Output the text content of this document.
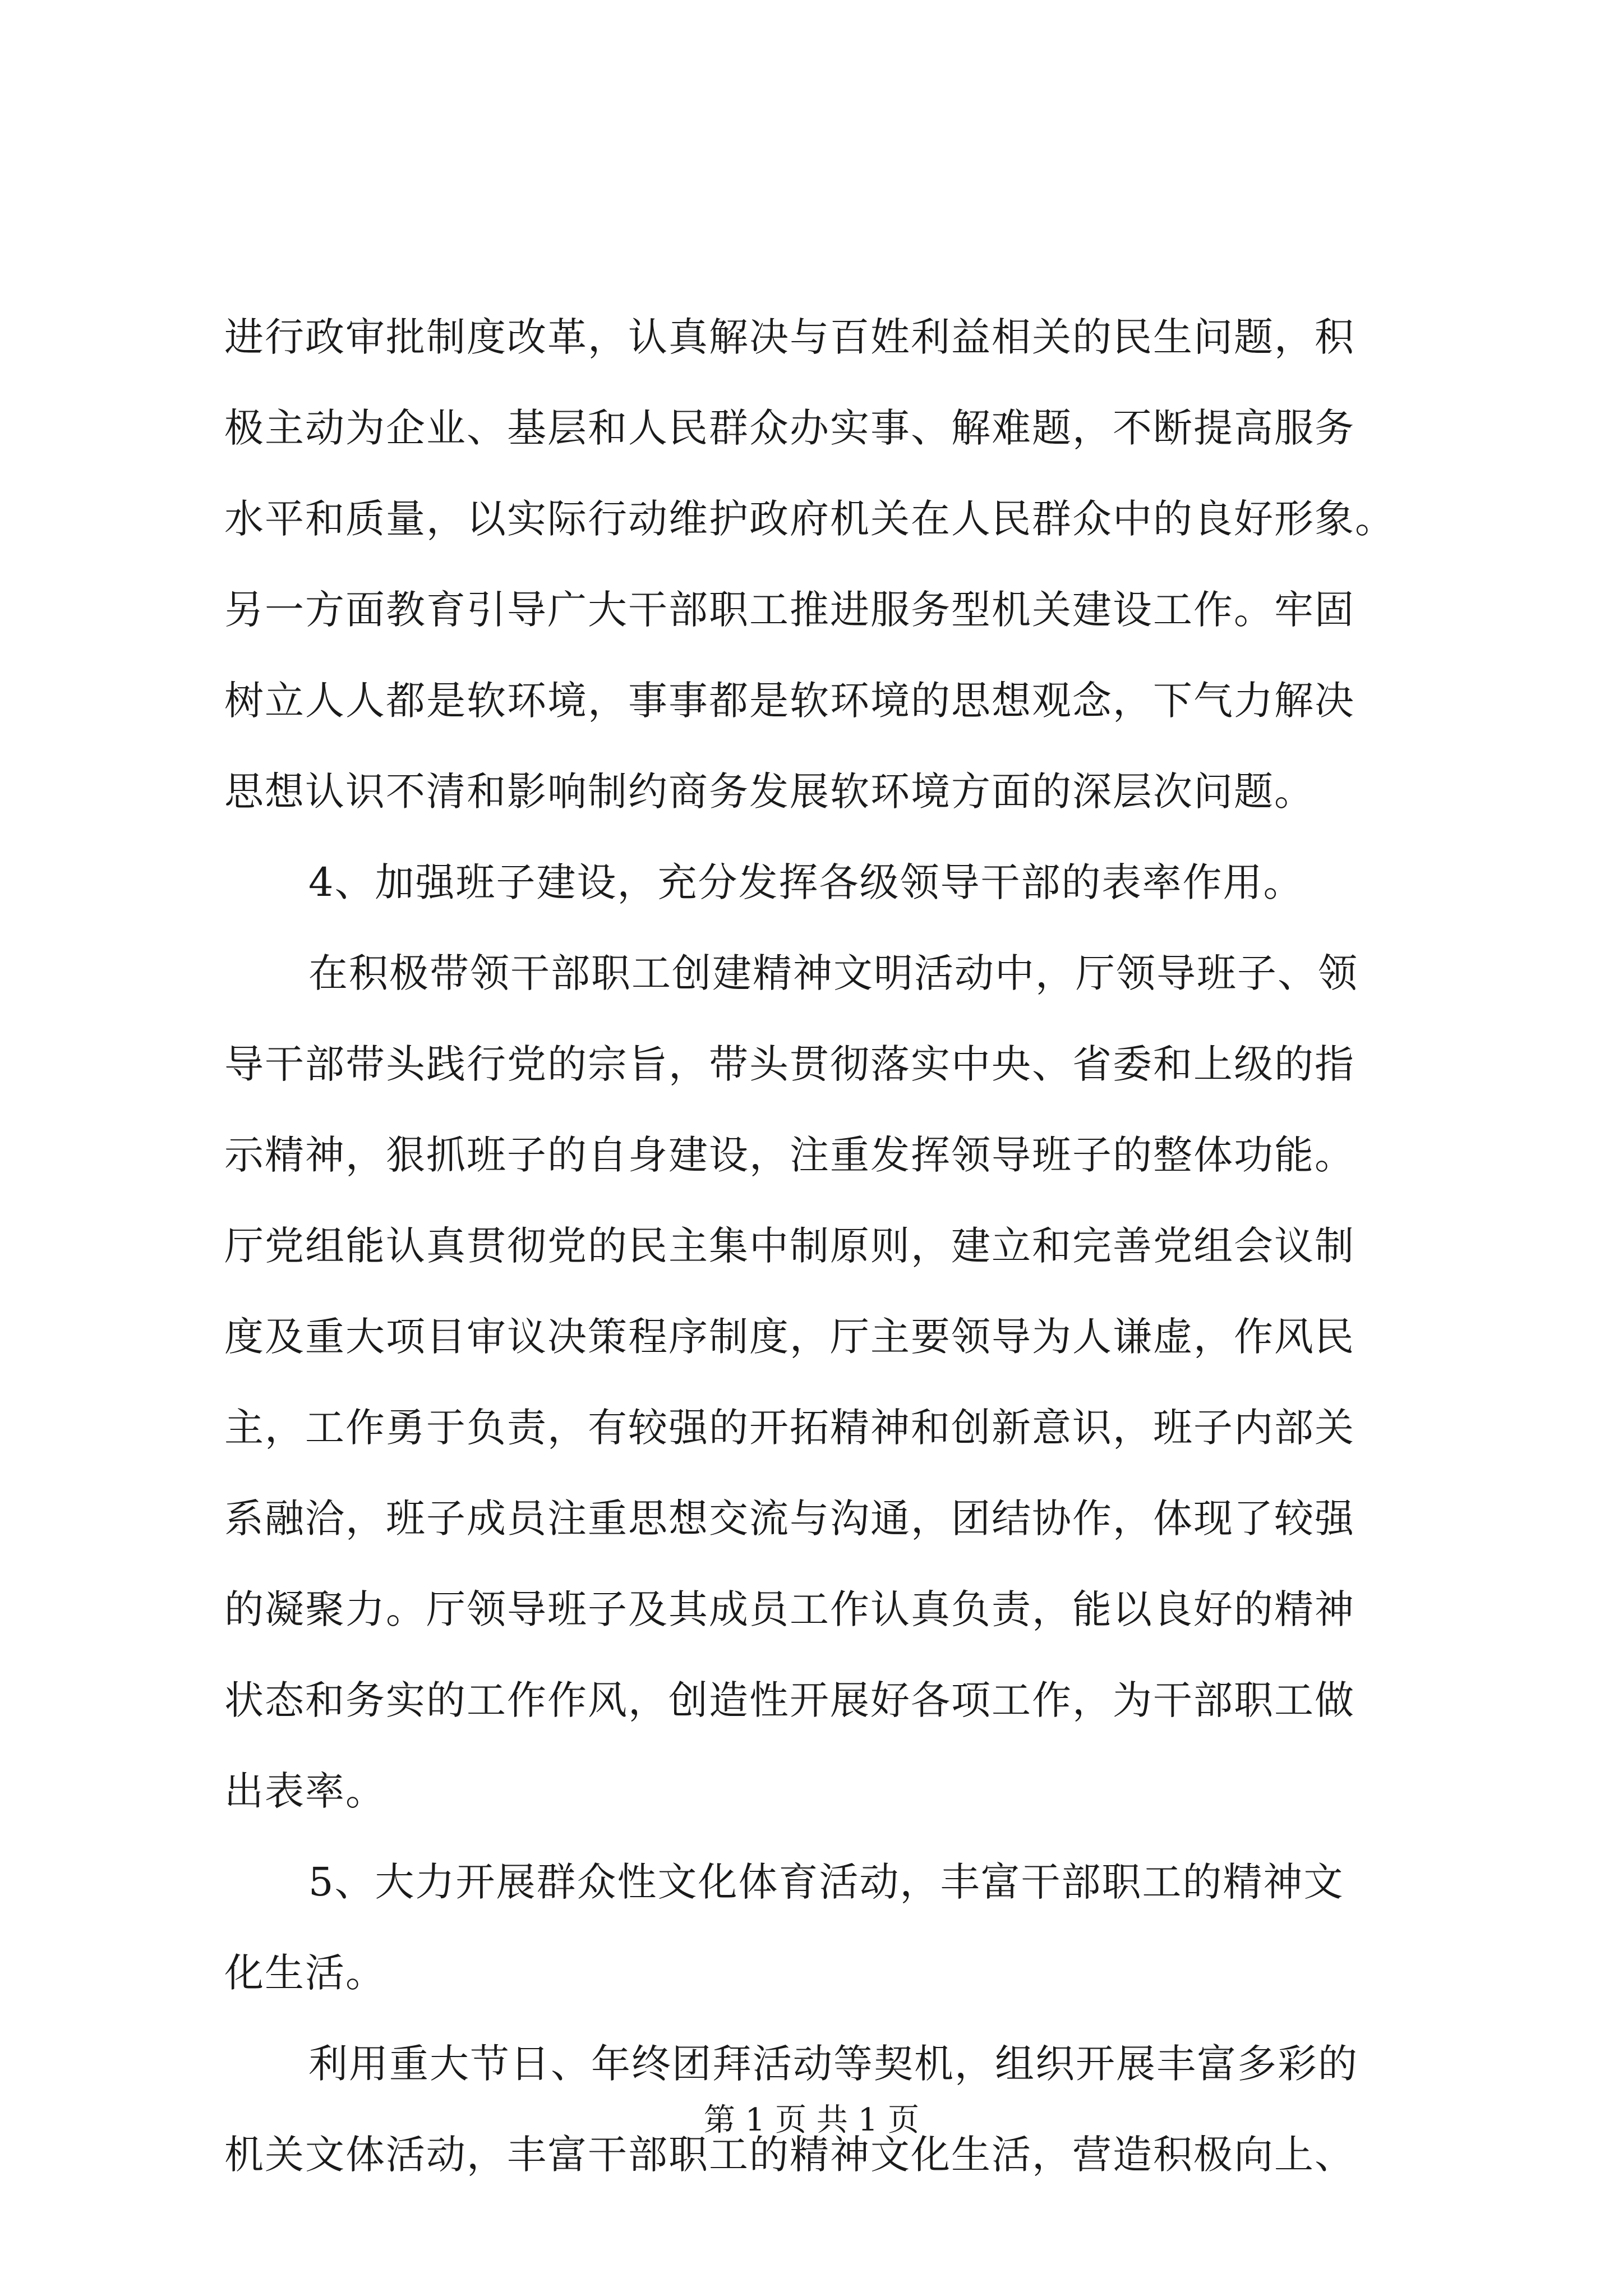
进行政审批制度改革，认真解决与百姓利益相关的民生问题，积
极主动为企业、基层和人民群众办实事、解难题，不断提高服务
水平和质量，以实际行动维护政府机关在人民群众中的良好形象。
另一方面教育引导广大干部职工推进服务型机关建设工作。牢固
树立人人都是软环境，事事都是软环境的思想观念，下气力解决
思想认识不清和影响制约商务发展软环境方面的深层次问题。
4、加强班子建设，充分发挥各级领导干部的表率作用。
在积极带领干部职工创建精神文明活动中，厅领导班子、领
导干部带头践行党的宗旨，带头贯彻落实中央、省委和上级的指
示精神，狠抓班子的自身建设，注重发挥领导班子的整体功能。
厅党组能认真贯彻党的民主集中制原则，建立和完善党组会议制
度及重大项目审议决策程序制度，厅主要领导为人谦虚，作风民
主，工作勇于负责，有较强的开拓精神和创新意识，班子内部关
系融洽，班子成员注重思想交流与沟通，团结协作，体现了较强
的凝聚力。厅领导班子及其成员工作认真负责，能以良好的精神
状态和务实的工作作风，创造性开展好各项工作，为干部职工做
出表率。
5、大力开展群众性文化体育活动，丰富干部职工的精神文
化生活。
利用重大节日、年终团拜活动等契机，组织开展丰富多彩的
机关文体活动，丰富干部职工的精神文化生活，营造积极向上、
第 1 页 共 1 页
